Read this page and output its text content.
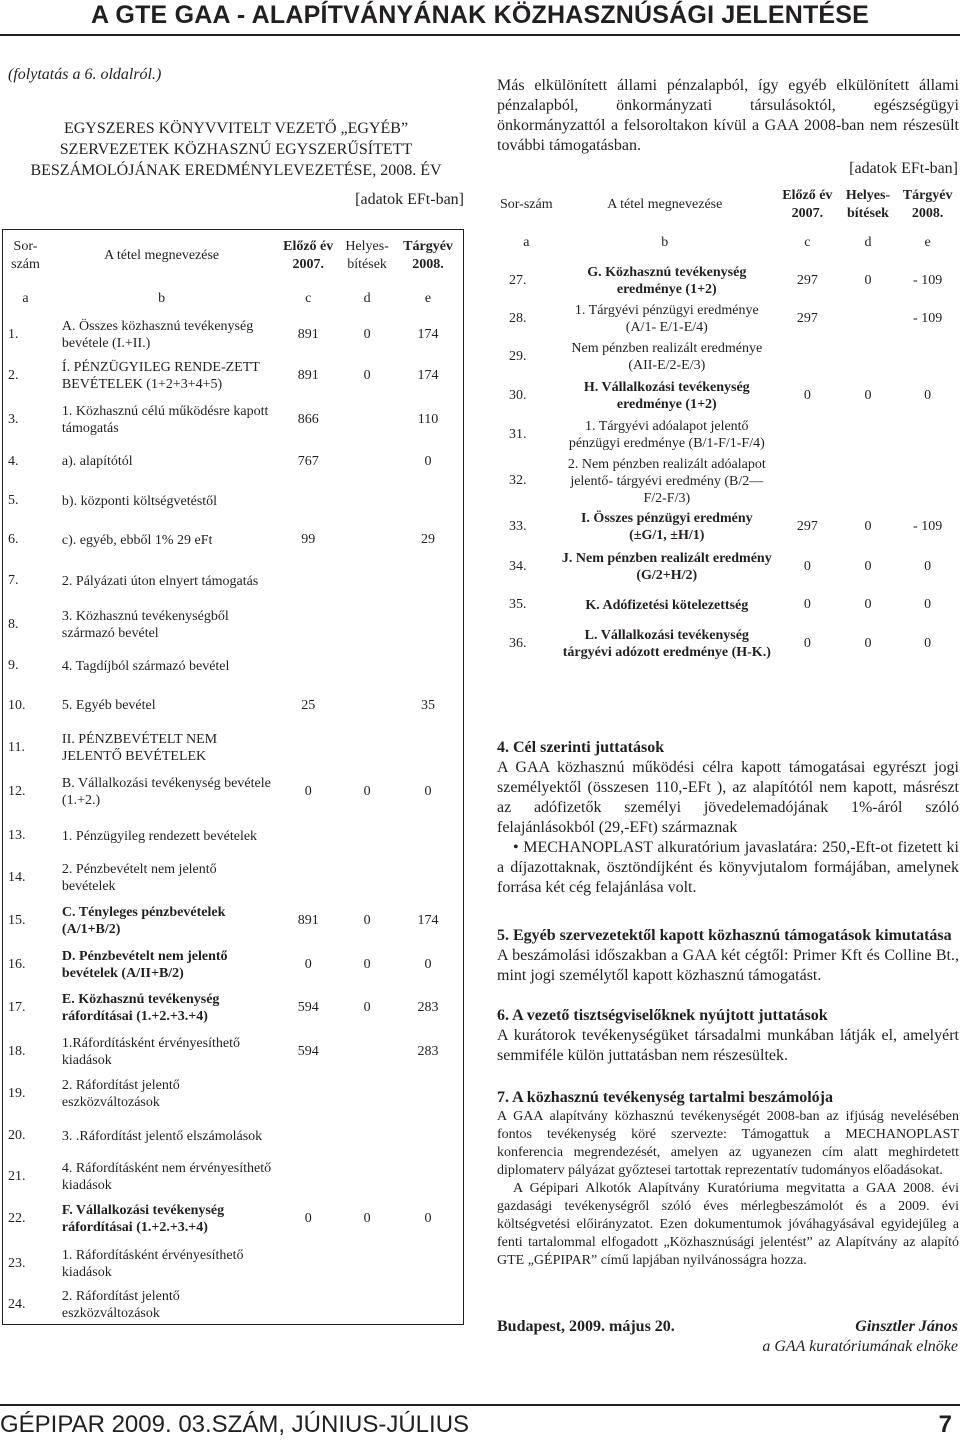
A GTE GAA - ALAPÍTVÁNYÁNAK KÖZHASZNÚSÁGI JELENTÉSE
(folytatás a 6. oldalról.)
EGYSZERES KÖNYVVITELT VEZETŐ „EGYÉB”
SZERVEZETEK KÖZHASZNÚ EGYSZERŰSÍTETT
BESZÁMOLÓJÁNAK EREDMÉNYLEVEZETÉSE, 2008. ÉV
[adatok EFt-ban]
Sor-szám	A tétel megnevezése	Előző év 2007.	Helyes-bítések	Tárgyév 2008.
a	b	c	d	e
1.	A. Összes közhasznú tevékenység bevétele (I.+II.)	891	0	174
2.	Í. PÉNZÜGYILEG RENDE-ZETT BEVÉTELEK (1+2+3+4+5)	891	0	174
3.	1. Közhasznú célú működésre kapott támogatás	866		110
4.	a). alapítótól	767		0
5.	b). központi költségvetéstől			
6.	c). egyéb, ebből 1% 29 eFt	99		29
7.	2. Pályázati úton elnyert támogatás			
8.	3. Közhasznú tevékenységből származó bevétel			
9.	4. Tagdíjból származó bevétel			
10.	5. Egyéb bevétel	25		35
11.	II. PÉNZBEVÉTELT NEM JELENTŐ BEVÉTELEK			
12.	B. Vállalkozási tevékenység bevétele (1.+2.)	0	0	0
13.	1. Pénzügyileg rendezett bevételek			
14.	2. Pénzbevételt nem jelentő bevételek			
15.	C. Tényleges pénzbevételek (A/1+B/2)	891	0	174
16.	D. Pénzbevételt nem jelentő bevételek (A/II+B/2)	0	0	0
17.	E. Közhasznú tevékenység ráfordításai (1.+2.+3.+4)	594	0	283
18.	1.Ráfordításként érvényesíthető kiadások	594		283
19.	2. Ráfordítást jelentő eszközváltozások			
20.	3. .Ráfordítást jelentő elszámolások			
21.	4. Ráfordításként nem érvényesíthető kiadások			
22.	F. Vállalkozási tevékenység ráfordításai (1.+2.+3.+4)	0	0	0
23.	1. Ráfordításként érvényesíthető kiadások			
24.	2. Ráfordítást jelentő eszközváltozások			
Más elkülönített állami pénzalapból, így egyéb elkülönített állami pénzalapból, önkormányzati társulásoktól, egészségügyi önkormányzattól a felsoroltakon kívül a GAA 2008-ban nem részesült további támogatásban.
[adatok EFt-ban]
Sor-szám	A tétel megnevezése	Előző év 2007.	Helyes-bítések	Tárgyév 2008.
a	b	c	d	e
27.	G. Közhasznú tevékenység eredménye (1+2)	297	0	- 109
28.	1. Tárgyévi pénzügyi eredménye (A/1- E/1-E/4)	297		- 109
29.	Nem pénzben realizált eredménye (AII-E/2-E/3)			
30.	H. Vállalkozási tevékenység eredménye (1+2)	0	0	0
31.	1. Tárgyévi adóalapot jelentő pénzügyi eredménye (B/1-F/1-F/4)			
32.	2. Nem pénzben realizált adóalapot jelentő- tárgyévi eredmény (B/2—F/2-F/3)			
33.	I. Összes pénzügyi eredmény (±G/1, ±H/1)	297	0	- 109
34.	J. Nem pénzben realizált eredmény (G/2+H/2)	0	0	0
35.	K. Adófizetési kötelezettség	0	0	0
36.	L. Vállalkozási tevékenység tárgyévi adózott eredménye (H-K.)	0	0	0
4. Cél szerinti juttatások

A GAA közhasznú működési célra kapott támogatásai egyrészt jogi személyektől (összesen 110,-EFt ), az alapítótól nem kapott, másrészt az adófizetők személyi jövedelemadójának 1%-áról szóló felajánlásokból (29,-EFt) származnak

• MECHANOPLAST alkuratórium javaslatára: 250,-Eft-ot fizetett ki a díjazottaknak, ösztöndíjként és könyvjutalom formájában, amelynek forrása két cég felajánlása volt.

5. Egyéb szervezetektől kapott közhasznú támogatások kimutatása

A beszámolási időszakban a GAA két cégtől: Primer Kft és Colline Bt., mint jogi személytől kapott közhasznú támogatást.

6. A vezető tisztségviselőknek nyújtott juttatások

A kurátorok tevékenységüket társadalmi munkában látják el, amelyért semmiféle külön juttatásban nem részesültek.

7. A közhasznú tevékenység tartalmi beszámolója

A GAA alapítvány közhasznú tevékenységét 2008-ban az ifjúság nevelésében fontos tevékenység köré szervezte: Támogattuk a MECHANOPLAST konferencia megrendezését, amelyen az ugyanezen cím alatt meghirdetett diplomaterv pályázat győztesei tartottak reprezentatív tudományos előadásokat.

A Gépipari Alkotók Alapítvány Kuratóriuma megvitatta a GAA 2008. évi gazdasági tevékenységről szóló éves mérlegbeszámolót és a 2009. évi költségvetési előirányzatot. Ezen dokumentumok jóváhagyásával egyidejűleg a fenti tartalommal elfogadott „Közhasznúsági jelentést” az Alapítvány az alapító GTE „GÉPIPAR” című lapjában nyilvánosságra hozza.

Budapest, 2009. május 20.	Ginsztler János
a GAA kuratóriumának elnöke
GÉPIPAR 2009. 03.SZÁM, JÚNIUS-JÚLIUS	7
